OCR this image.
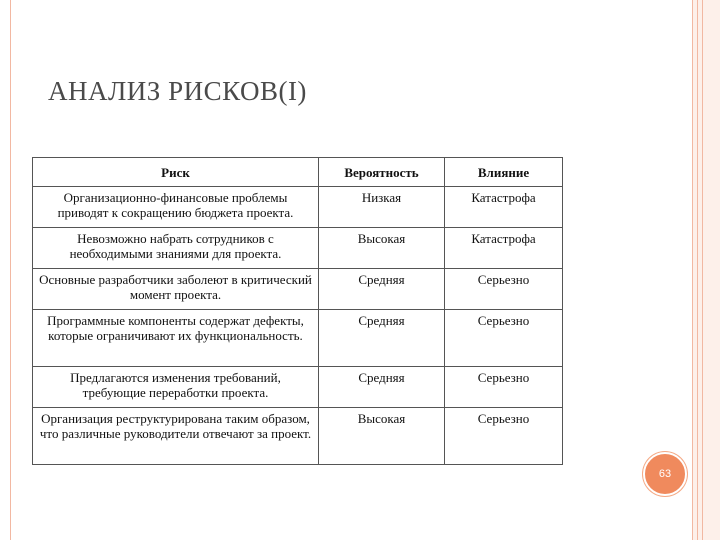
АНАЛИЗ РИСКОВ(I)
Риск	Вероятность	Влияние
Организационно-финансовые проблемы приводят к сокращению бюджета проекта.	Низкая	Катастрофа
Невозможно набрать сотрудников с необходимыми знаниями для проекта.	Высокая	Катастрофа
Основные разработчики заболеют в критический момент проекта.	Средняя	Серьезно
Программные компоненты содержат дефекты, которые ограничивают их функциональность.	Средняя	Серьезно
Предлагаются изменения требований, требующие переработки проекта.	Средняя	Серьезно
Организация реструктурирована таким образом, что различные руководители отвечают за проект.	Высокая	Серьезно
63
